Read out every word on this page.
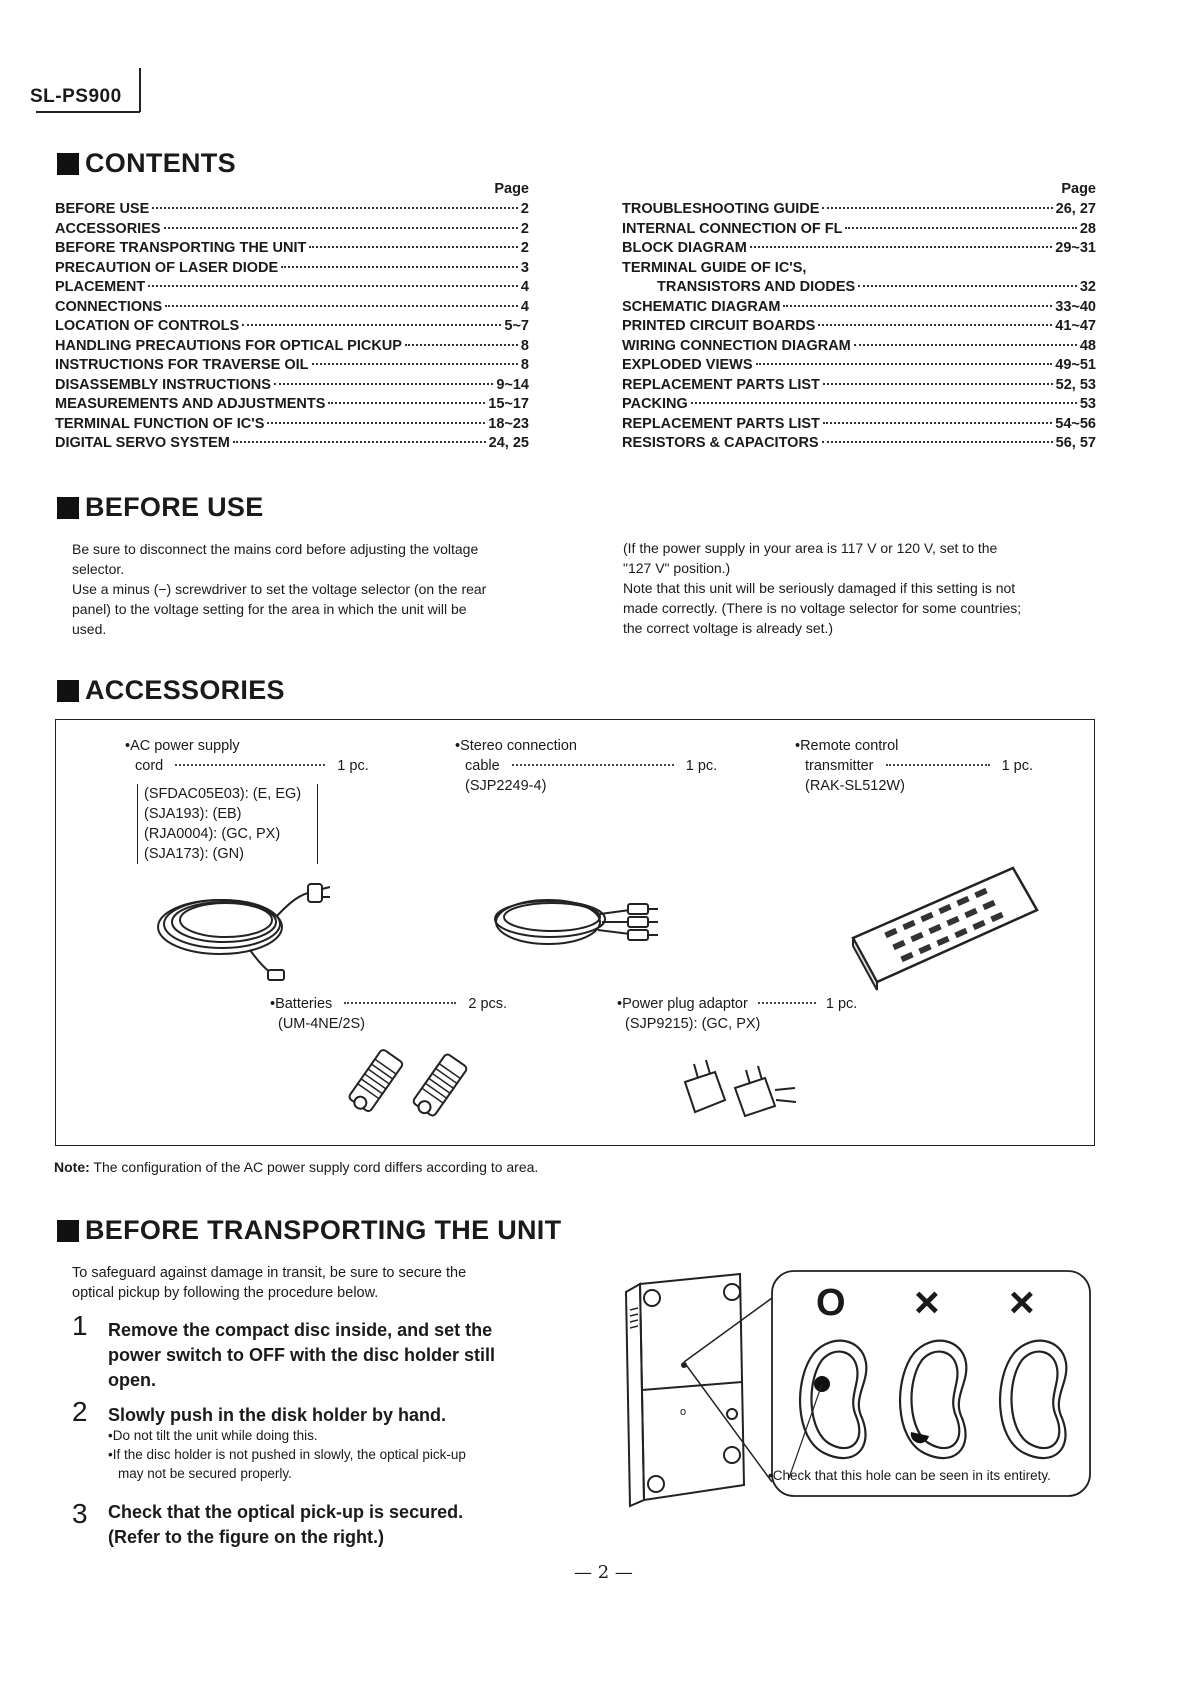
SL-PS900
CONTENTS
Page
BEFORE USE	2
ACCESSORIES	2
BEFORE TRANSPORTING THE UNIT	2
PRECAUTION OF LASER DIODE	3
PLACEMENT	4
CONNECTIONS	4
LOCATION OF CONTROLS	5~7
HANDLING PRECAUTIONS FOR OPTICAL PICKUP	8
INSTRUCTIONS FOR TRAVERSE OIL	8
DISASSEMBLY INSTRUCTIONS	9~14
MEASUREMENTS AND ADJUSTMENTS	15~17
TERMINAL FUNCTION OF IC'S	18~23
DIGITAL SERVO SYSTEM	24, 25
Page
TROUBLESHOOTING GUIDE	26, 27
INTERNAL CONNECTION OF FL	28
BLOCK DIAGRAM	29~31
TERMINAL GUIDE OF IC'S,
TRANSISTORS AND DIODES	32
SCHEMATIC DIAGRAM	33~40
PRINTED CIRCUIT BOARDS	41~47
WIRING CONNECTION DIAGRAM	48
EXPLODED VIEWS	49~51
REPLACEMENT PARTS LIST	52, 53
PACKING	53
REPLACEMENT PARTS LIST	54~56
RESISTORS & CAPACITORS	56, 57
BEFORE USE
Be sure to disconnect the mains cord before adjusting the voltage
selector.
Use a minus (−) screwdriver to set the voltage selector (on the rear
panel) to the voltage setting for the area in which the unit will be
used.
(If the power supply in your area is 117 V or 120 V, set to the
"127 V" position.)
Note that this unit will be seriously damaged if this setting is not
made correctly. (There is no voltage selector for some countries;
the correct voltage is already set.)
ACCESSORIES
•AC power supply
cord	1 pc.
(SFDAC05E03): (E, EG)
(SJA193): (EB)
(RJA0004): (GC, PX)
(SJA173): (GN)
•Stereo connection
cable	1 pc.
(SJP2249-4)
•Remote control
transmitter	1 pc.
(RAK-SL512W)
•Batteries	2 pcs.
(UM-4NE/2S)
•Power plug adaptor	1 pc.
(SJP9215): (GC, PX)
Note: The configuration of the AC power supply cord differs according to area.
BEFORE TRANSPORTING THE UNIT
To safeguard against damage in transit, be sure to secure the
optical pickup by following the procedure below.
1 Remove the compact disc inside, and set the
power switch to OFF with the disc holder still
open.
2 Slowly push in the disk holder by hand.
•Do not tilt the unit while doing this.
•If the disc holder is not pushed in slowly, the optical pick-up
may not be secured properly.
3 Check that the optical pick-up is secured.
(Refer to the figure on the right.)
o
O × ×
•Check that this hole can be seen in its entirety.
— 2 —
